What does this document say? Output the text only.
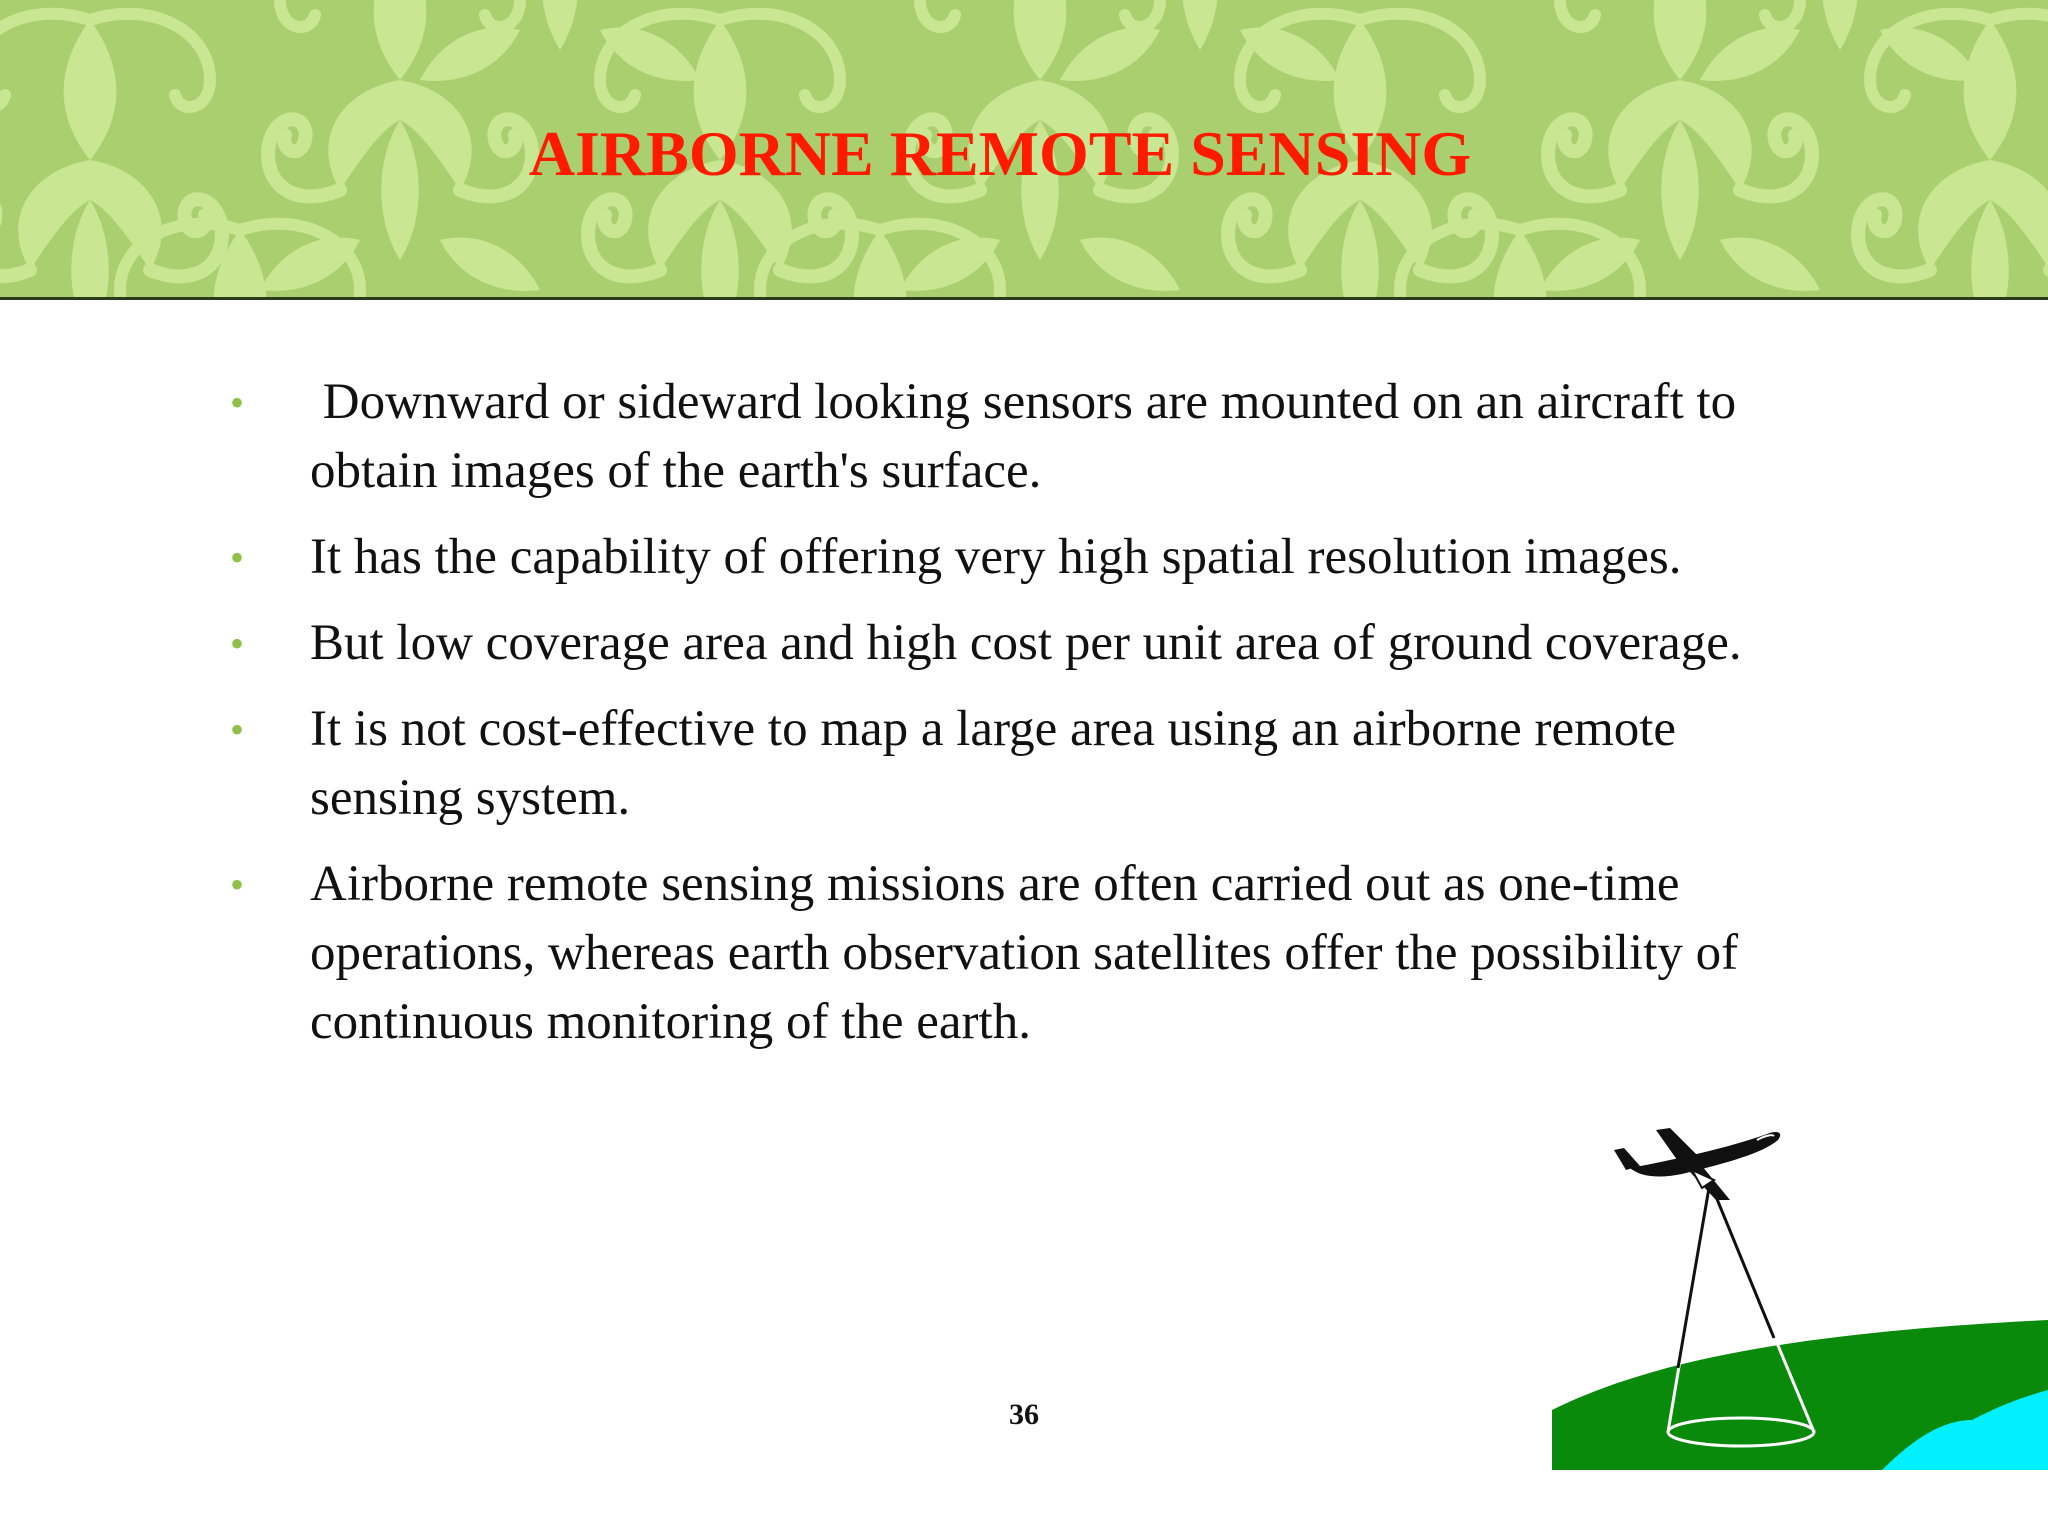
AIRBORNE REMOTE SENSING
•	Downward or sideward looking sensors are mounted on an aircraft to obtain images of the earth's surface.
•	It has the capability of offering very high spatial resolution images.
•	But low coverage area and high cost per unit area of ground coverage.
•	It is not cost-effective to map a large area using an airborne remote sensing system.
•	Airborne remote sensing missions are often carried out as one-time operations, whereas earth observation satellites offer the possibility of continuous monitoring of the earth.
36
